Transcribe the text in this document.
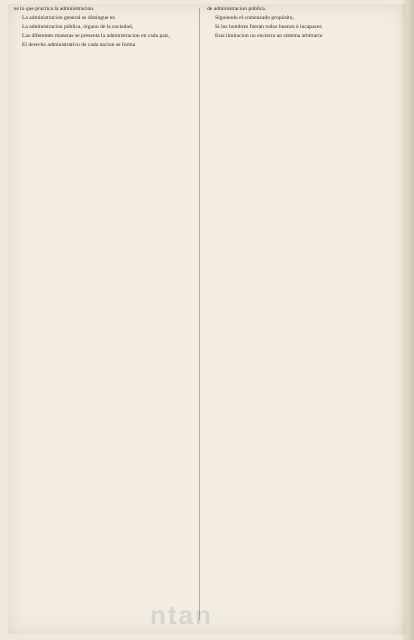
es lo que practica la administracion.

La administracion general se distingue en

La administracion pública, órgano de la sociedad,

Las diferentes maneras se presenta la administracion en cada país,

El derecho administrativo de cada nacion se forma

de administracion pública.

Siguiendo el comenzado propósito,

Si los hombres fueran todos buenos é incapaces

Esta limitacion no encierra un sistema arbitrario

ntan
